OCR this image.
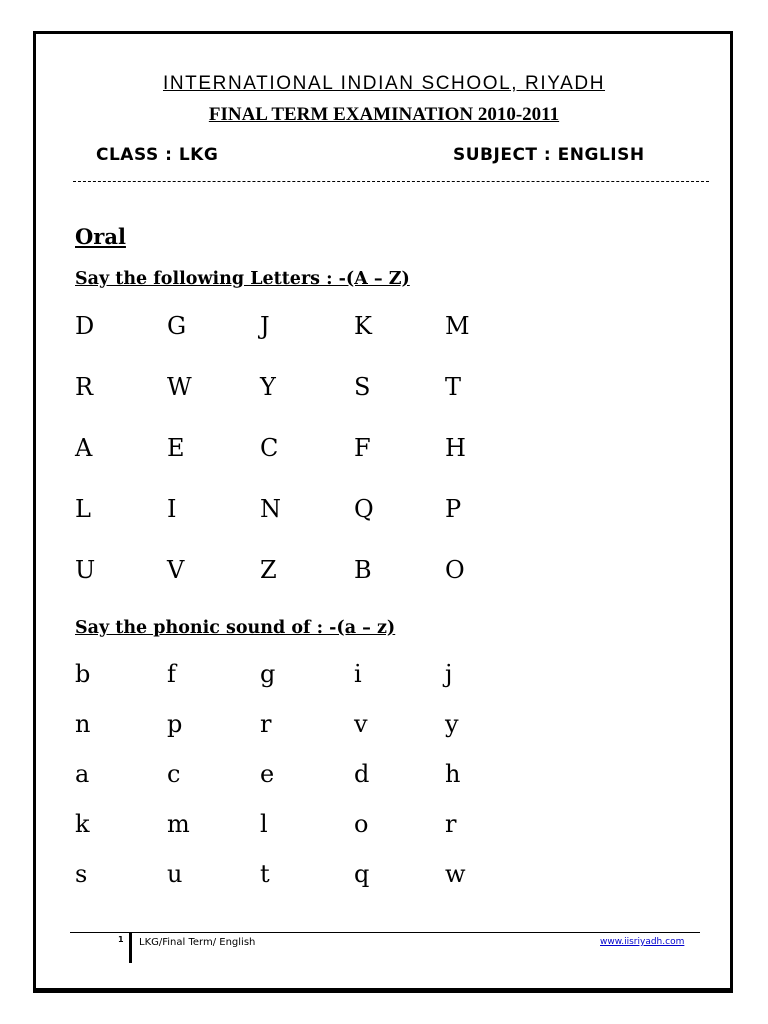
INTERNATIONAL INDIAN SCHOOL, RIYADH
FINAL TERM EXAMINATION 2010-2011
CLASS : LKG	SUBJECT : ENGLISH
Oral
Say the following Letters : -(A – Z)
D	G	J	K	M
R	W	Y	S	T
A	E	C	F	H
L	I	N	Q	P
U	V	Z	B	O
Say the phonic sound of : -(a – z)
b	f	g	i	j
n	p	r	v	y
a	c	e	d	h
k	m	l	o	r
s	u	t	q	w
1 LKG/Final Term/ English	www.iisriyadh.com
